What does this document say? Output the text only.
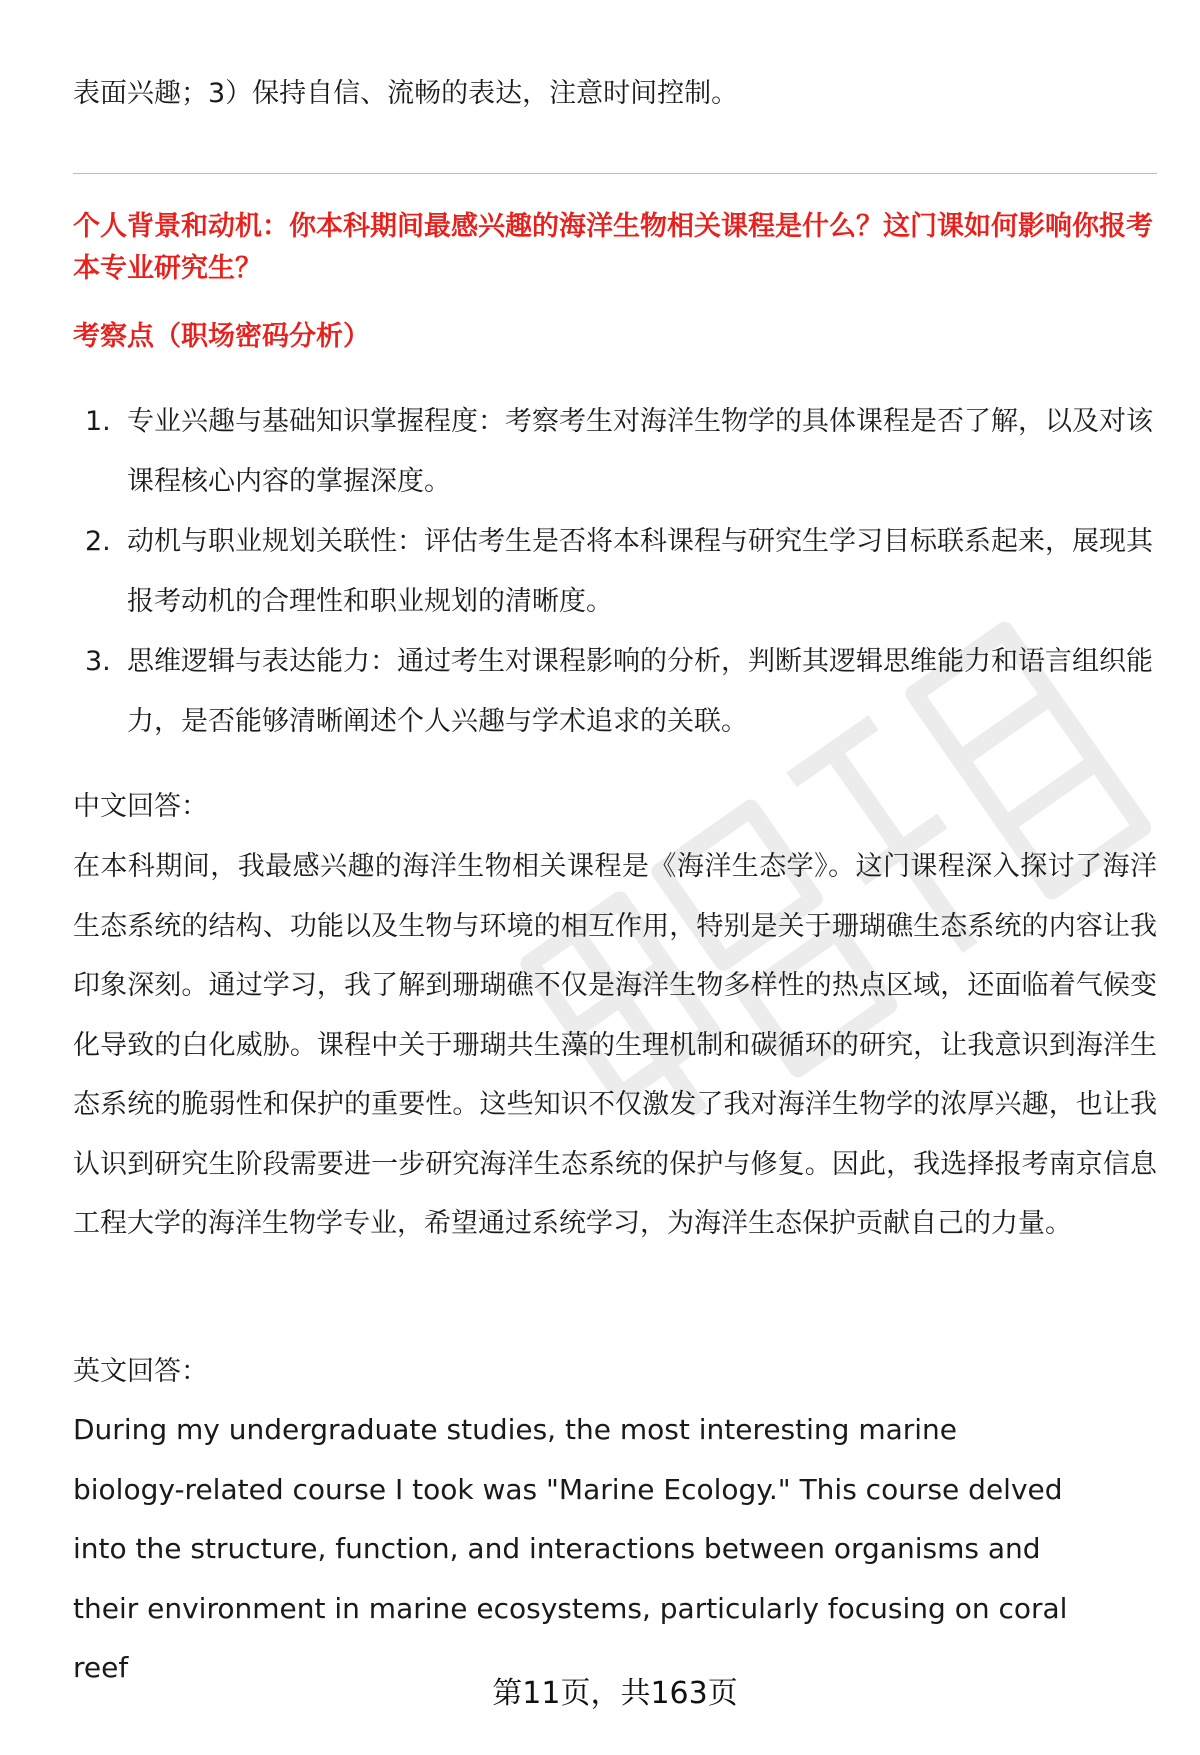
表面兴趣；3）保持自信、流畅的表达，注意时间控制。

个人背景和动机：你本科期间最感兴趣的海洋生物相关课程是什么？这门课如何影响你报考本专业研究生？

考察点（职场密码分析）

1. 专业兴趣与基础知识掌握程度：考察考生对海洋生物学的具体课程是否了解，以及对该课程核心内容的掌握深度。
2. 动机与职业规划关联性：评估考生是否将本科课程与研究生学习目标联系起来，展现其报考动机的合理性和职业规划的清晰度。
3. 思维逻辑与表达能力：通过考生对课程影响的分析，判断其逻辑思维能力和语言组织能力，是否能够清晰阐述个人兴趣与学术追求的关联。

中文回答：

在本科期间，我最感兴趣的海洋生物相关课程是《海洋生态学》。这门课程深入探讨了海洋生态系统的结构、功能以及生物与环境的相互作用，特别是关于珊瑚礁生态系统的内容让我印象深刻。通过学习，我了解到珊瑚礁不仅是海洋生物多样性的热点区域，还面临着气候变化导致的白化威胁。课程中关于珊瑚共生藻的生理机制和碳循环的研究，让我意识到海洋生态系统的脆弱性和保护的重要性。这些知识不仅激发了我对海洋生物学的浓厚兴趣，也让我认识到研究生阶段需要进一步研究海洋生态系统的保护与修复。因此，我选择报考南京信息工程大学的海洋生物学专业，希望通过系统学习，为海洋生态保护贡献自己的力量。

英文回答：

During my undergraduate studies, the most interesting marine biology-related course I took was "Marine Ecology." This course delved into the structure, function, and interactions between organisms and their environment in marine ecosystems, particularly focusing on coral reef

第11页，共163页
